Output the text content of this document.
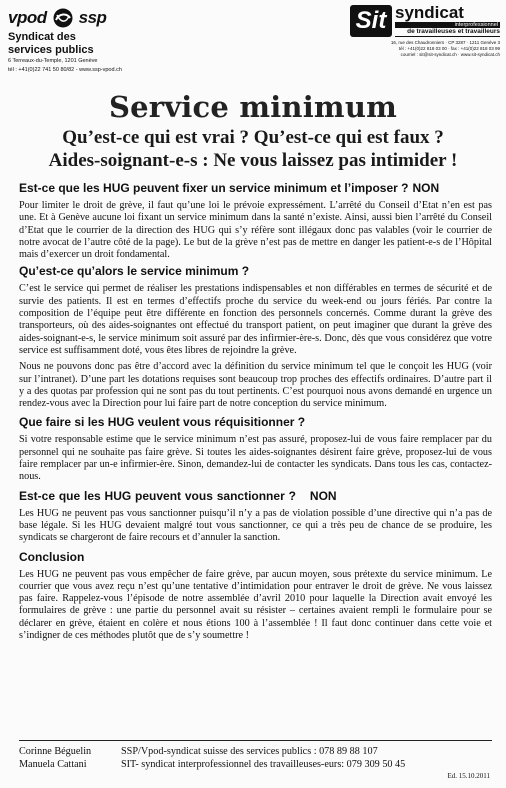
vpod ssp
Syndicat des
services publics
6 Terreaux-du-Temple, 1201 Genève
tél : +41(0)22 741 50 80/82 - www.ssp-vpod.ch
Sit syndicat
interprofessionnel
de travailleuses et travailleurs
16, rue des Chaudronniers · CP 3287 · 1211 Genève 3
tél : +41(0)22 818 03 00 · fax : +41(0)22 818 03 99
courriel : sit@sit-syndicat.ch · www.sit-syndicat.ch
Service minimum
Qu’est-ce qui est vrai ? Qu’est-ce qui est faux ?
Aides-soignant-e-s : Ne vous laissez pas intimider !
Est-ce que les HUG peuvent fixer un service minimum et l’imposer ? NON

Pour limiter le droit de grève, il faut qu’une loi le prévoie expressément. L’arrêté du Conseil d’Etat n’en est pas une. Et à Genève aucune loi fixant un service minimum dans la santé n’existe. Ainsi, aussi bien l’arrêté du Conseil d’Etat que le courrier de la direction des HUG qui s’y réfère sont illégaux donc pas valables (voir le courrier de notre avocat de l’autre côté de la page). Le but de la grève n’est pas de mettre en danger les patient-e-s de l’Hôpital mais d’exercer un droit fondamental.

Qu’est-ce qu’alors le service minimum ?

C’est le service qui permet de réaliser les prestations indispensables et non différables en termes de sécurité et de survie des patients. Il est en termes d’effectifs proche du service du week-end ou jours fériés. Par contre la composition de l’équipe peut être différente en fonction des personnels concernés. Comme durant la grève des transporteurs, où des aides-soignantes ont effectué du transport patient, on peut imaginer que durant la grève des aides-soignant-e-s, le service minimum soit assuré par des infirmier-ère-s. Donc, dès que vous considérez que votre service est suffisamment doté, vous êtes libres de rejoindre la grève.

Nous ne pouvons donc pas être d’accord avec la définition du service minimum tel que le conçoit les HUG (voir sur l’intranet). D’une part les dotations requises sont beaucoup trop proches des effectifs ordinaires. D’autre part il y a des quotas par profession qui ne sont pas du tout pertinents. C’est pourquoi nous avons demandé en urgence un rendez-vous avec la Direction pour lui faire part de notre conception du service minimum.

Que faire si les HUG veulent vous réquisitionner ?

Si votre responsable estime que le service minimum n’est pas assuré, proposez-lui de vous faire remplacer par du personnel qui ne souhaite pas faire grève. Si toutes les aides-soignantes désirent faire grève, proposez-lui de vous faire remplacer par un-e infirmier-ère. Sinon, demandez-lui de contacter les syndicats. Dans tous les cas, contactez-nous.

Est-ce que les HUG peuvent vous sanctionner ? NON

Les HUG ne peuvent pas vous sanctionner puisqu’il n’y a pas de violation possible d’une directive qui n’a pas de base légale. Si les HUG devaient malgré tout vous sanctionner, ce qui a très peu de chance de se produire, les syndicats se chargeront de faire recours et d’annuler la sanction.

Conclusion

Les HUG ne peuvent pas vous empêcher de faire grève, par aucun moyen, sous prétexte du service minimum. Le courrier que vous avez reçu n’est qu’une tentative d’intimidation pour entraver le droit de grève. Ne vous laissez pas faire. Rappelez-vous l’épisode de notre assemblée d’avril 2010 pour laquelle la Direction avait envoyé les formulaires de grève : une partie du personnel avait su résister – certaines avaient rempli le formulaire pour se déclarer en grève, étaient en colère et nous étions 100 à l’assemblée ! Il faut donc continuer dans cette voie et s’indigner de ces méthodes plutôt que de s’y soumettre !

Corinne Béguelin	SSP/Vpod-syndicat suisse des services publics : 078 89 88 107
Manuela Cattani	SIT- syndicat interprofessionnel des travailleuses-eurs: 079 309 50 45
Ed. 15.10.2011
